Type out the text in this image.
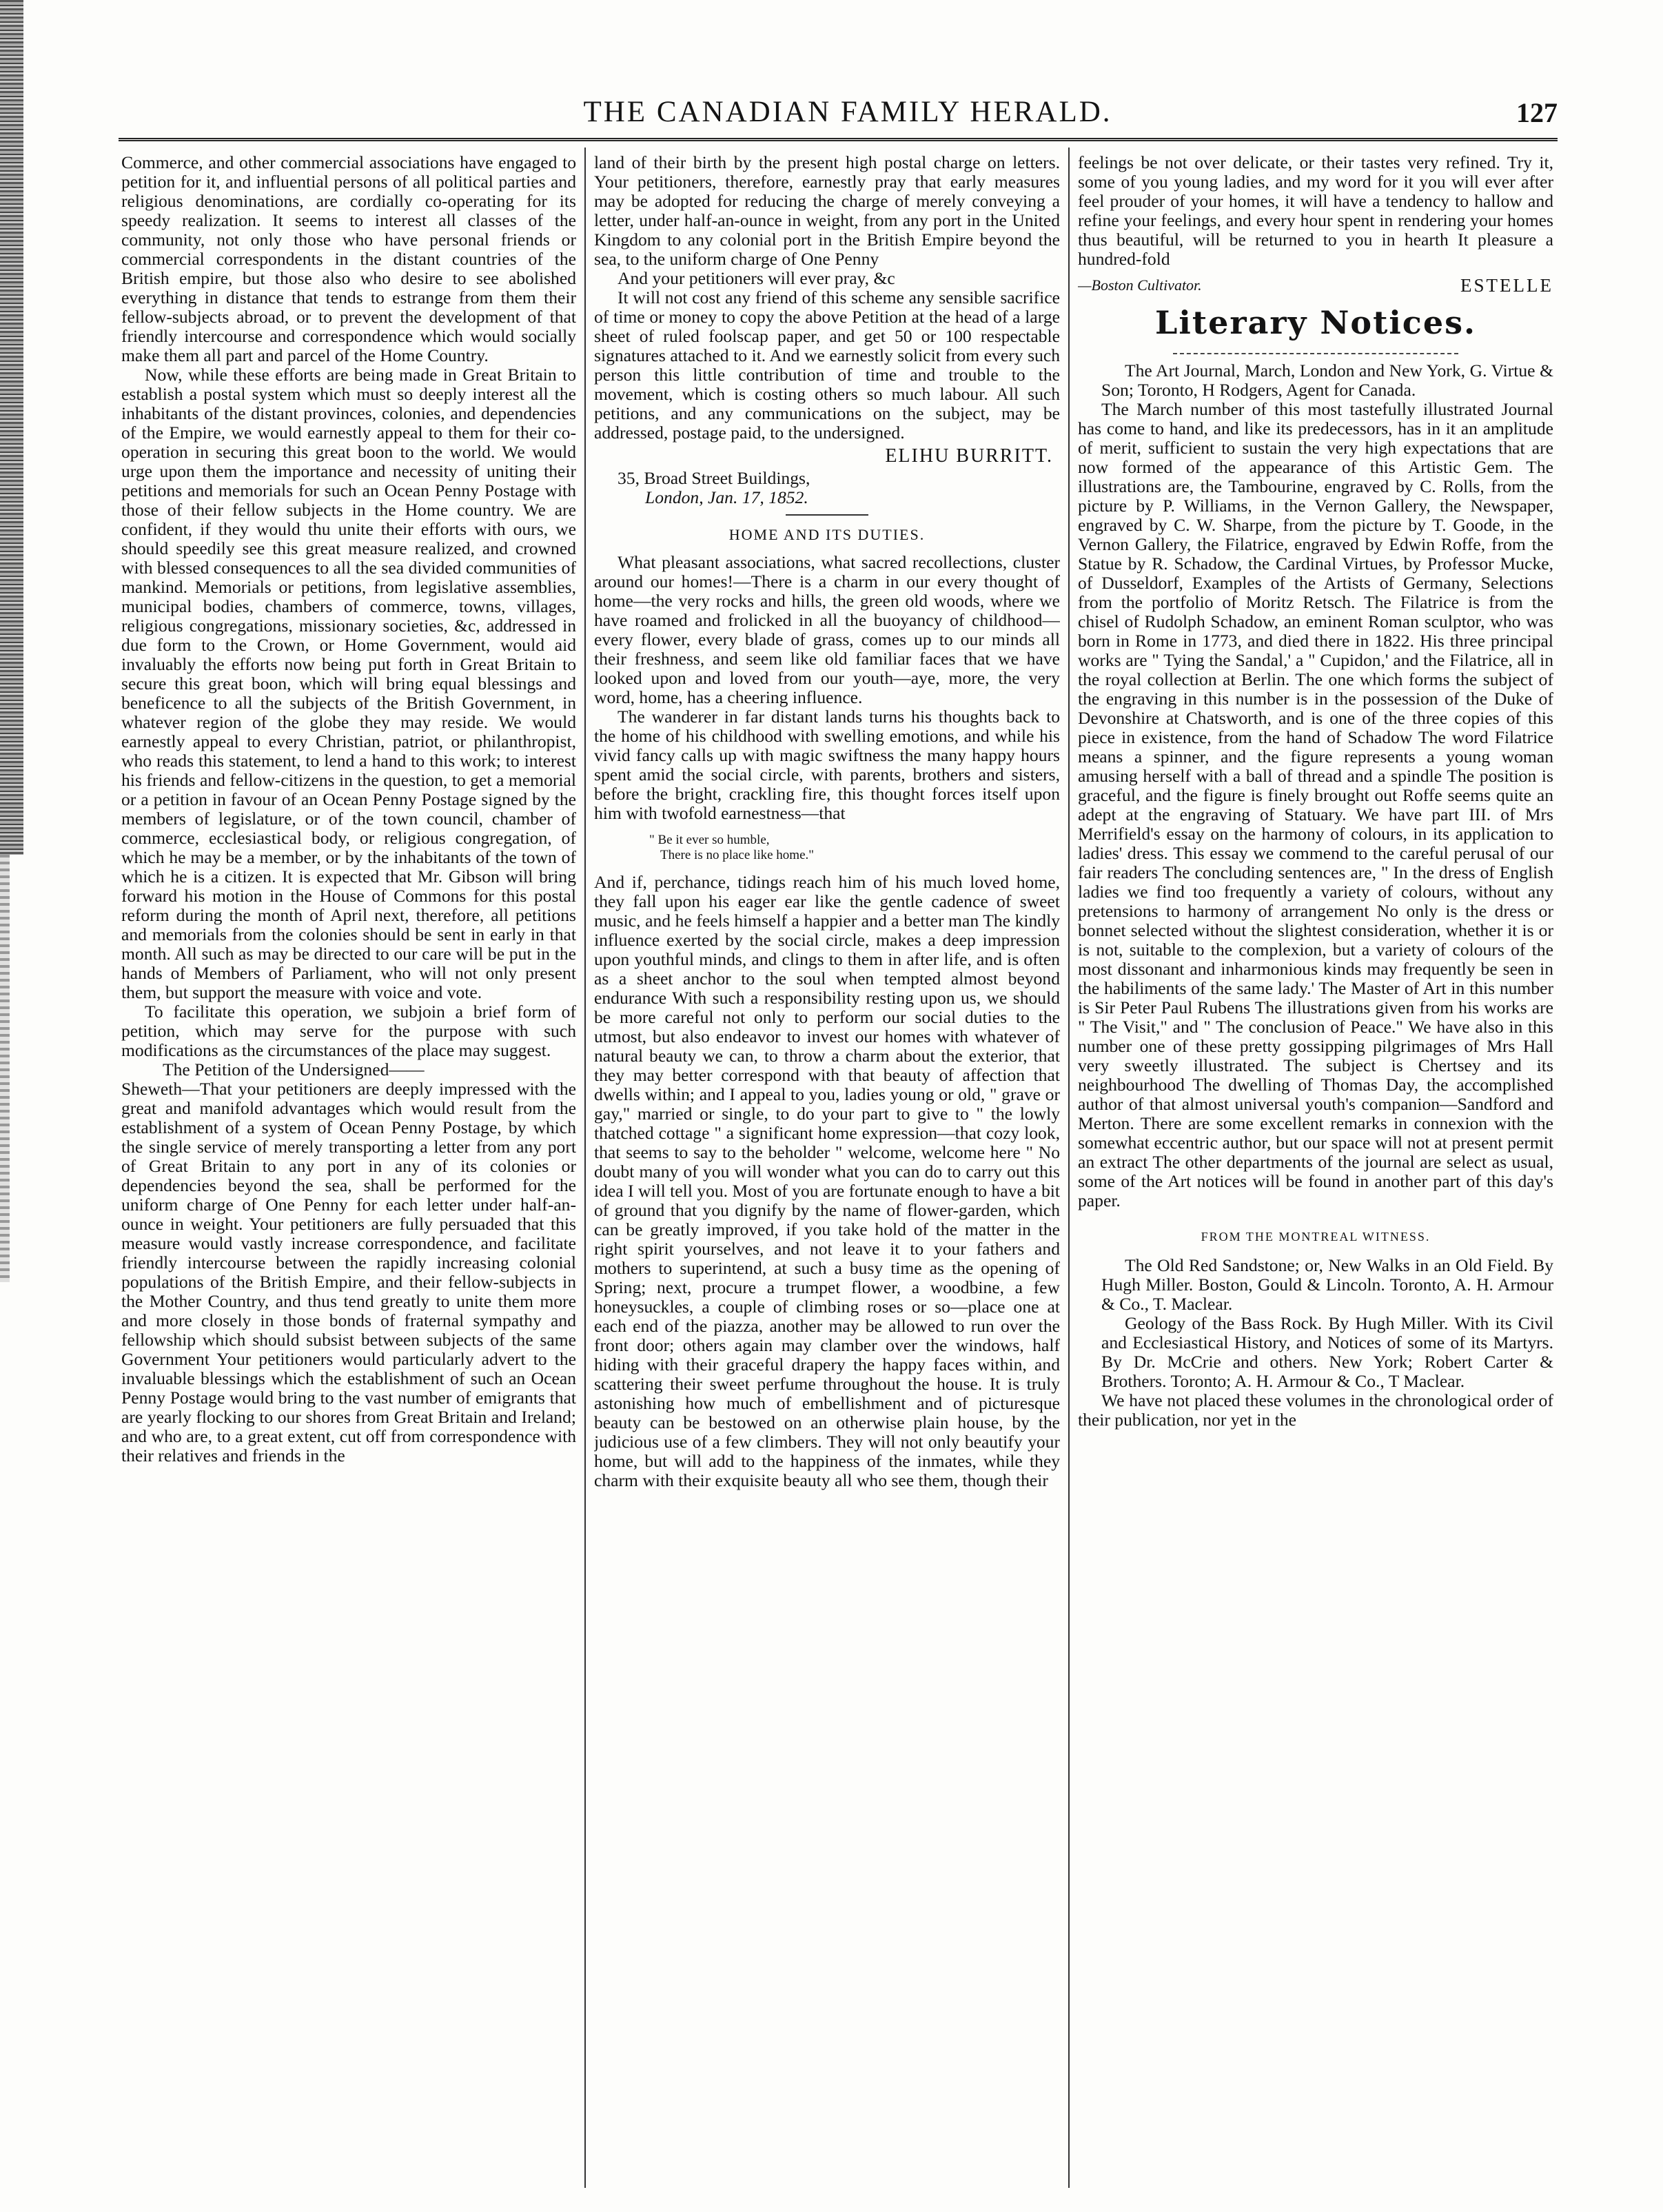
THE CANADIAN FAMILY HERALD.	127

Commerce, and other commercial associations have engaged to petition for it, and influential persons of all political parties and religious denominations, are cordially co-operating for its speedy realization. It seems to interest all classes of the community, not only those who have personal friends or commercial correspondents in the distant countries of the British empire, but those also who desire to see abolished everything in distance that tends to estrange from them their fellow-subjects abroad, or to prevent the development of that friendly intercourse and correspondence which would socially make them all part and parcel of the Home Country.

Now, while these efforts are being made in Great Britain to establish a postal system which must so deeply interest all the inhabitants of the distant provinces, colonies, and dependencies of the Empire, we would earnestly appeal to them for their co-operation in securing this great boon to the world. We would urge upon them the importance and necessity of uniting their petitions and memorials for such an Ocean Penny Postage with those of their fellow subjects in the Home country. We are confident, if they would thu unite their efforts with ours, we should speedily see this great measure realized, and crowned with blessed consequences to all the sea divided communities of mankind. Memorials or petitions, from legislative assemblies, municipal bodies, chambers of commerce, towns, villages, religious congregations, missionary societies, &c, addressed in due form to the Crown, or Home Government, would aid invaluably the efforts now being put forth in Great Britain to secure this great boon, which will bring equal blessings and beneficence to all the subjects of the British Government, in whatever region of the globe they may reside. We would earnestly appeal to every Christian, patriot, or philanthropist, who reads this statement, to lend a hand to this work; to interest his friends and fellow-citizens in the question, to get a memorial or a petition in favour of an Ocean Penny Postage signed by the members of legislature, or of the town council, chamber of commerce, ecclesiastical body, or religious congregation, of which he may be a member, or by the inhabitants of the town of which he is a citizen. It is expected that Mr. Gibson will bring forward his motion in the House of Commons for this postal reform during the month of April next, therefore, all petitions and memorials from the colonies should be sent in early in that month. All such as may be directed to our care will be put in the hands of Members of Parliament, who will not only present them, but support the measure with voice and vote.

To facilitate this operation, we subjoin a brief form of petition, which may serve for the purpose with such modifications as the circumstances of the place may suggest.

The Petition of the Undersigned——

Sheweth—That your petitioners are deeply impressed with the great and manifold advantages which would result from the establishment of a system of Ocean Penny Postage, by which the single service of merely transporting a letter from any port of Great Britain to any port in any of its colonies or dependencies beyond the sea, shall be performed for the uniform charge of One Penny for each letter under half-an-ounce in weight. Your petitioners are fully persuaded that this measure would vastly increase correspondence, and facilitate friendly intercourse between the rapidly increasing colonial populations of the British Empire, and their fellow-subjects in the Mother Country, and thus tend greatly to unite them more and more closely in those bonds of fraternal sympathy and fellowship which should subsist between subjects of the same Government Your petitioners would particularly advert to the invaluable blessings which the establishment of such an Ocean Penny Postage would bring to the vast number of emigrants that are yearly flocking to our shores from Great Britain and Ireland; and who are, to a great extent, cut off from correspondence with their relatives and friends in the

land of their birth by the present high postal charge on letters. Your petitioners, therefore, earnestly pray that early measures may be adopted for reducing the charge of merely conveying a letter, under half-an-ounce in weight, from any port in the United Kingdom to any colonial port in the British Empire beyond the sea, to the uniform charge of One Penny

And your petitioners will ever pray, &c

It will not cost any friend of this scheme any sensible sacrifice of time or money to copy the above Petition at the head of a large sheet of ruled foolscap paper, and get 50 or 100 respectable signatures attached to it. And we earnestly solicit from every such person this little contribution of time and trouble to the movement, which is costing others so much labour. All such petitions, and any communications on the subject, may be addressed, postage paid, to the undersigned.

ELIHU BURRITT.
35, Broad Street Buildings,
London, Jan. 17, 1852.
HOME AND ITS DUTIES.

What pleasant associations, what sacred recollections, cluster around our homes!—There is a charm in our every thought of home—the very rocks and hills, the green old woods, where we have roamed and frolicked in all the buoyancy of childhood—every flower, every blade of grass, comes up to our minds all their freshness, and seem like old familiar faces that we have looked upon and loved from our youth—aye, more, the very word, home, has a cheering influence.

The wanderer in far distant lands turns his thoughts back to the home of his childhood with swelling emotions, and while his vivid fancy calls up with magic swiftness the many happy hours spent amid the social circle, with parents, brothers and sisters, before the bright, crackling fire, this thought forces itself upon him with twofold earnestness—that

" Be it ever so humble,
There is no place like home."

And if, perchance, tidings reach him of his much loved home, they fall upon his eager ear like the gentle cadence of sweet music, and he feels himself a happier and a better man The kindly influence exerted by the social circle, makes a deep impression upon youthful minds, and clings to them in after life, and is often as a sheet anchor to the soul when tempted almost beyond endurance With such a responsibility resting upon us, we should be more careful not only to perform our social duties to the utmost, but also endeavor to invest our homes with whatever of natural beauty we can, to throw a charm about the exterior, that they may better correspond with that beauty of affection that dwells within; and I appeal to you, ladies young or old, " grave or gay," married or single, to do your part to give to " the lowly thatched cottage " a significant home expression—that cozy look, that seems to say to the beholder " welcome, welcome here " No doubt many of you will wonder what you can do to carry out this idea I will tell you. Most of you are fortunate enough to have a bit of ground that you dignify by the name of flower-garden, which can be greatly improved, if you take hold of the matter in the right spirit yourselves, and not leave it to your fathers and mothers to superintend, at such a busy time as the opening of Spring; next, procure a trumpet flower, a woodbine, a few honeysuckles, a couple of climbing roses or so—place one at each end of the piazza, another may be allowed to run over the front door; others again may clamber over the windows, half hiding with their graceful drapery the happy faces within, and scattering their sweet perfume throughout the house. It is truly astonishing how much of embellishment and of picturesque beauty can be bestowed on an otherwise plain house, by the judicious use of a few climbers. They will not only beautify your home, but will add to the happiness of the inmates, while they charm with their exquisite beauty all who see them, though their

feelings be not over delicate, or their tastes very refined. Try it, some of you young ladies, and my word for it you will ever after feel prouder of your homes, it will have a tendency to hallow and refine your feelings, and every hour spent in rendering your homes thus beautiful, will be returned to you in hearth It pleasure a hundred-fold

—Boston Cultivator.	ESTELLE
Literary Notices.

The Art Journal, March, London and New York, G. Virtue & Son; Toronto, H Rodgers, Agent for Canada.

The March number of this most tastefully illustrated Journal has come to hand, and like its predecessors, has in it an amplitude of merit, sufficient to sustain the very high expectations that are now formed of the appearance of this Artistic Gem. The illustrations are, the Tambourine, engraved by C. Rolls, from the picture by P. Williams, in the Vernon Gallery, the Newspaper, engraved by C. W. Sharpe, from the picture by T. Goode, in the Vernon Gallery, the Filatrice, engraved by Edwin Roffe, from the Statue by R. Schadow, the Cardinal Virtues, by Professor Mucke, of Dusseldorf, Examples of the Artists of Germany, Selections from the portfolio of Moritz Retsch. The Filatrice is from the chisel of Rudolph Schadow, an eminent Roman sculptor, who was born in Rome in 1773, and died there in 1822. His three principal works are " Tying the Sandal,' a " Cupidon,' and the Filatrice, all in the royal collection at Berlin. The one which forms the subject of the engraving in this number is in the possession of the Duke of Devonshire at Chatsworth, and is one of the three copies of this piece in existence, from the hand of Schadow The word Filatrice means a spinner, and the figure represents a young woman amusing herself with a ball of thread and a spindle The position is graceful, and the figure is finely brought out Roffe seems quite an adept at the engraving of Statuary. We have part III. of Mrs Merrifield's essay on the harmony of colours, in its application to ladies' dress. This essay we commend to the careful perusal of our fair readers The concluding sentences are, " In the dress of English ladies we find too frequently a variety of colours, without any pretensions to harmony of arrangement No only is the dress or bonnet selected without the slightest consideration, whether it is or is not, suitable to the complexion, but a variety of colours of the most dissonant and inharmonious kinds may frequently be seen in the habiliments of the same lady.' The Master of Art in this number is Sir Peter Paul Rubens The illustrations given from his works are " The Visit," and " The conclusion of Peace." We have also in this number one of these pretty gossipping pilgrimages of Mrs Hall very sweetly illustrated. The subject is Chertsey and its neighbourhood The dwelling of Thomas Day, the accomplished author of that almost universal youth's companion—Sandford and Merton. There are some excellent remarks in connexion with the somewhat eccentric author, but our space will not at present permit an extract The other departments of the journal are select as usual, some of the Art notices will be found in another part of this day's paper.

FROM THE MONTREAL WITNESS.

The Old Red Sandstone; or, New Walks in an Old Field. By Hugh Miller. Boston, Gould & Lincoln. Toronto, A. H. Armour & Co., T. Maclear.

Geology of the Bass Rock. By Hugh Miller. With its Civil and Ecclesiastical History, and Notices of some of its Martyrs. By Dr. McCrie and others. New York; Robert Carter & Brothers. Toronto; A. H. Armour & Co., T Maclear.

We have not placed these volumes in the chronological order of their publication, nor yet in the
